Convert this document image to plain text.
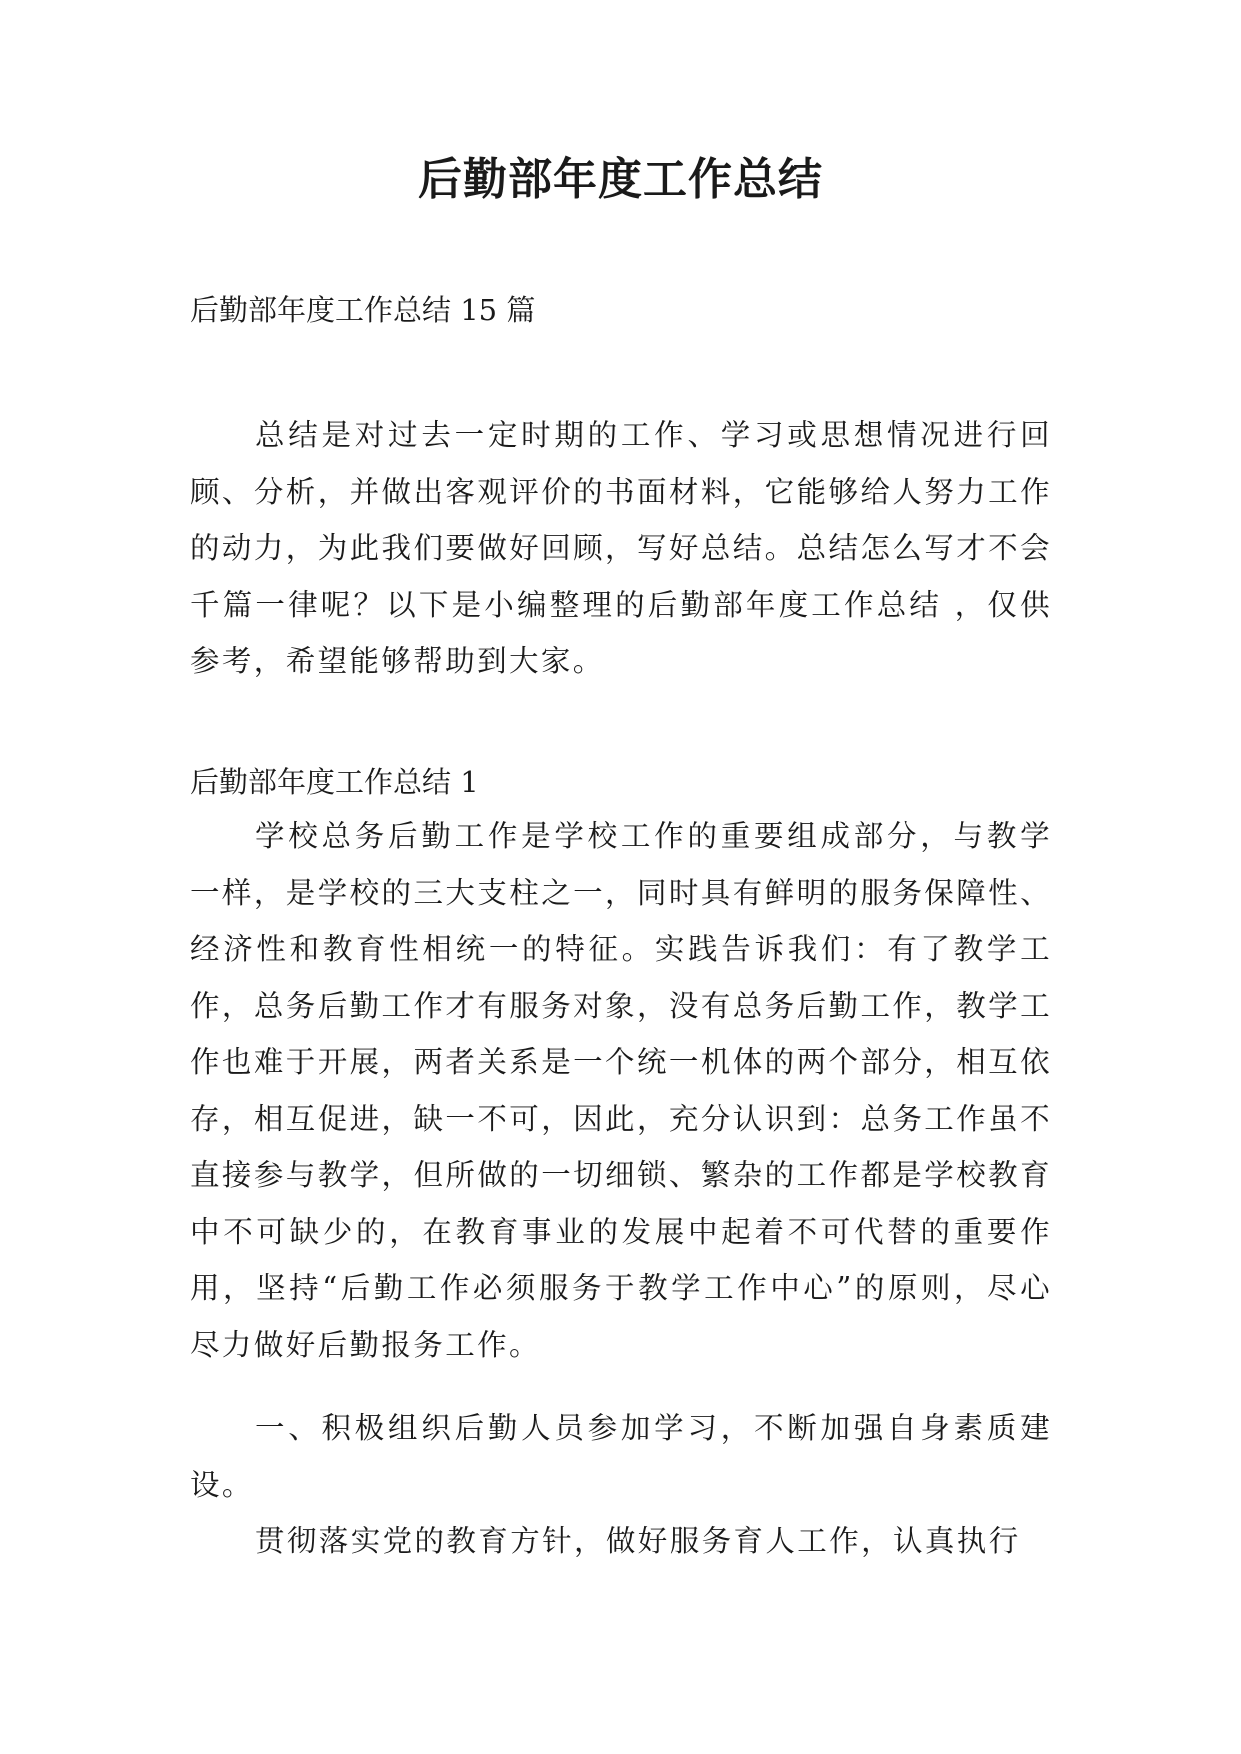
后勤部年度工作总结
后勤部年度工作总结 15 篇
总结是对过去一定时期的工作、学习或思想情况进行回顾、分析，并做出客观评价的书面材料，它能够给人努力工作的动力，为此我们要做好回顾，写好总结。总结怎么写才不会千篇一律呢？以下是小编整理的后勤部年度工作总结 ，仅供参考，希望能够帮助到大家。
后勤部年度工作总结 1
学校总务后勤工作是学校工作的重要组成部分，与教学一样，是学校的三大支柱之一，同时具有鲜明的服务保障性、经济性和教育性相统一的特征。实践告诉我们：有了教学工作，总务后勤工作才有服务对象，没有总务后勤工作，教学工作也难于开展，两者关系是一个统一机体的两个部分，相互依存，相互促进，缺一不可，因此，充分认识到：总务工作虽不直接参与教学，但所做的一切细锁、繁杂的工作都是学校教育中不可缺少的，在教育事业的发展中起着不可代替的重要作用，坚持“后勤工作必须服务于教学工作中心”的原则，尽心尽力做好后勤报务工作。
一、积极组织后勤人员参加学习，不断加强自身素质建设。
贯彻落实党的教育方针，做好服务育人工作，认真执行
